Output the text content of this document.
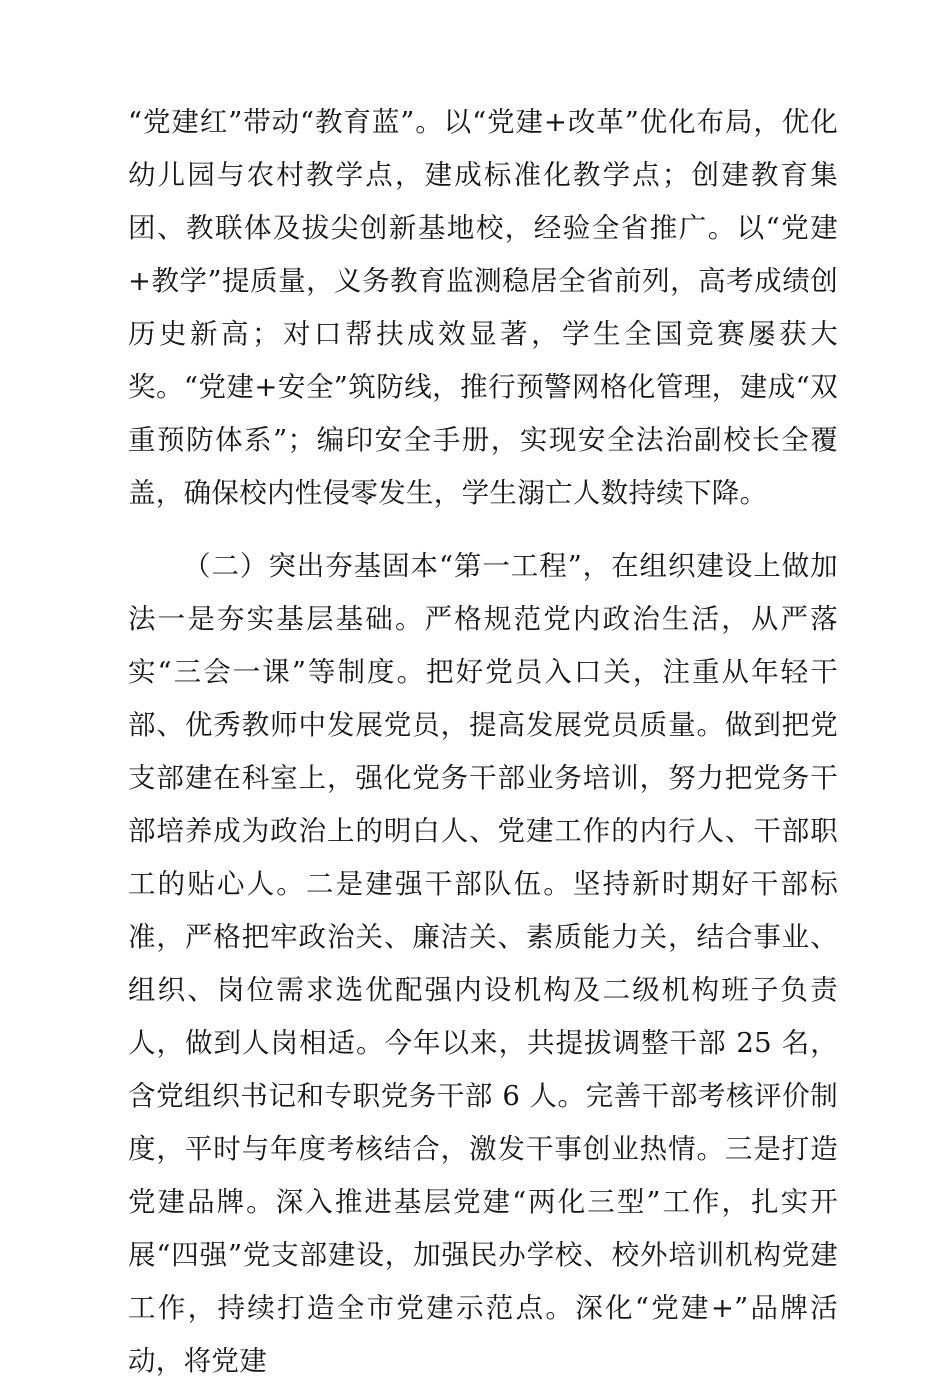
“党建红”带动“教育蓝”。以“党建+改革”优化布局，优化幼儿园与农村教学点，建成标准化教学点；创建教育集团、教联体及拔尖创新基地校，经验全省推广。以“党建+教学”提质量，义务教育监测稳居全省前列，高考成绩创历史新高；对口帮扶成效显著，学生全国竞赛屡获大奖。“党建+安全”筑防线，推行预警网格化管理，建成“双重预防体系”；编印安全手册，实现安全法治副校长全覆盖，确保校内性侵零发生，学生溺亡人数持续下降。

（二）突出夯基固本“第一工程”，在组织建设上做加法一是夯实基层基础。严格规范党内政治生活，从严落实“三会一课”等制度。把好党员入口关，注重从年轻干部、优秀教师中发展党员，提高发展党员质量。做到把党支部建在科室上，强化党务干部业务培训，努力把党务干部培养成为政治上的明白人、党建工作的内行人、干部职工的贴心人。二是建强干部队伍。坚持新时期好干部标准，严格把牢政治关、廉洁关、素质能力关，结合事业、组织、岗位需求选优配强内设机构及二级机构班子负责人，做到人岗相适。今年以来，共提拔调整干部 25 名，含党组织书记和专职党务干部 6 人。完善干部考核评价制度，平时与年度考核结合，激发干事创业热情。三是打造党建品牌。深入推进基层党建“两化三型”工作，扎实开展“四强”党支部建设，加强民办学校、校外培训机构党建工作，持续打造全市党建示范点。深化“党建+”品牌活动，将党建
